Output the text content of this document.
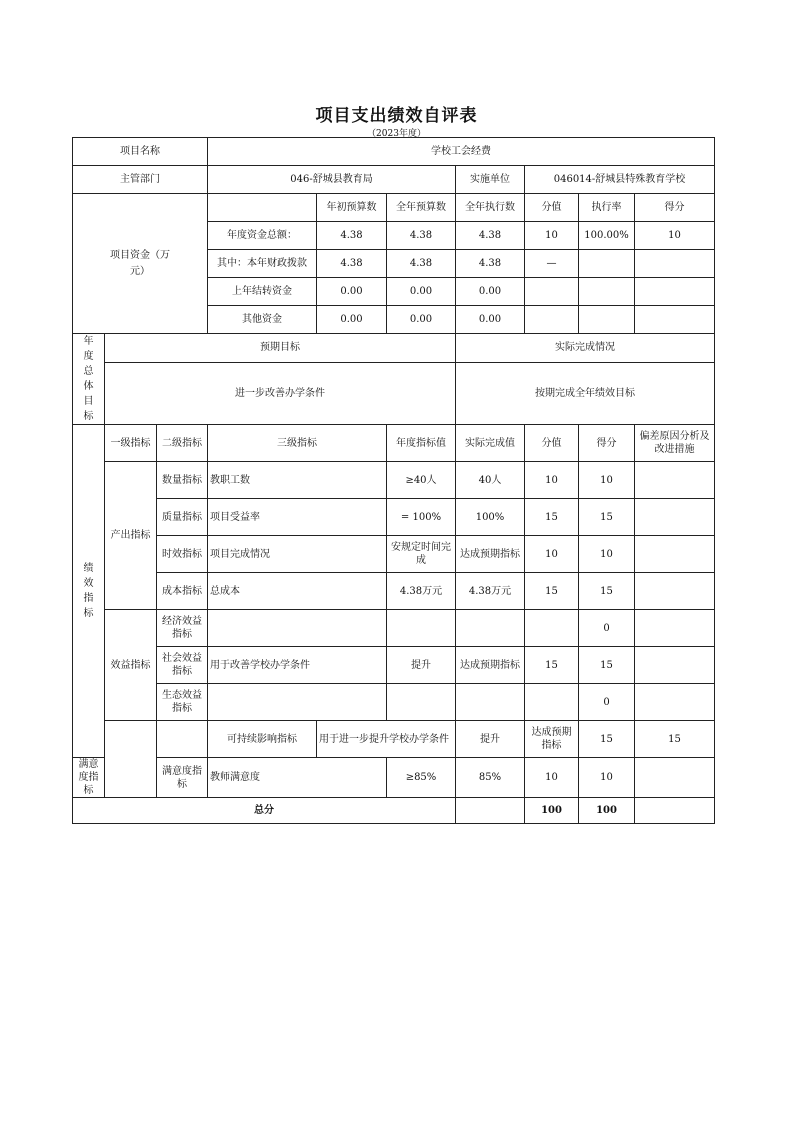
项目支出绩效自评表
（2023年度）
项目名称			学校工会经费							
主管部门			046-舒城县教育局			实施单位	046014-舒城县特殊教育学校			
项目资金（万元）				年初预算数	全年预算数	全年执行数	分值	执行率	得分	
			年度资金总额：	4.38	4.38	4.38	10	100.00%	10	
			其中：本年财政拨款	4.38	4.38	4.38	—			
			上年结转资金	0.00	0.00	0.00				
			其他资金	0.00	0.00	0.00				
年度总体目标	预期目标					实际完成情况				
	进一步改善办学条件					按期完成全年绩效目标				
绩效指标	一级指标	二级指标	三级指标		年度指标值	实际完成值	分值	得分	偏差原因分析及改进措施	
	产出指标	数量指标	教职工数		≥40人	40人	10	10		
		质量指标	项目受益率		= 100%	100%	15	15		
		时效指标	项目完成情况		安规定时间完成	达成预期指标	10	10		
		成本指标	总成本		4.38万元	4.38万元	15	15		
	效益指标	经济效益指标						0		
		社会效益指标	用于改善学校办学条件		提升	达成预期指标	15	15		
		生态效益指标						0		
			可持续影响指标	用于进一步提升学校办学条件		提升	达成预期指标	15	15	
满意度指标		满意度指标	教师满意度		≥85%	85%	10	10		
总分							100	100		
